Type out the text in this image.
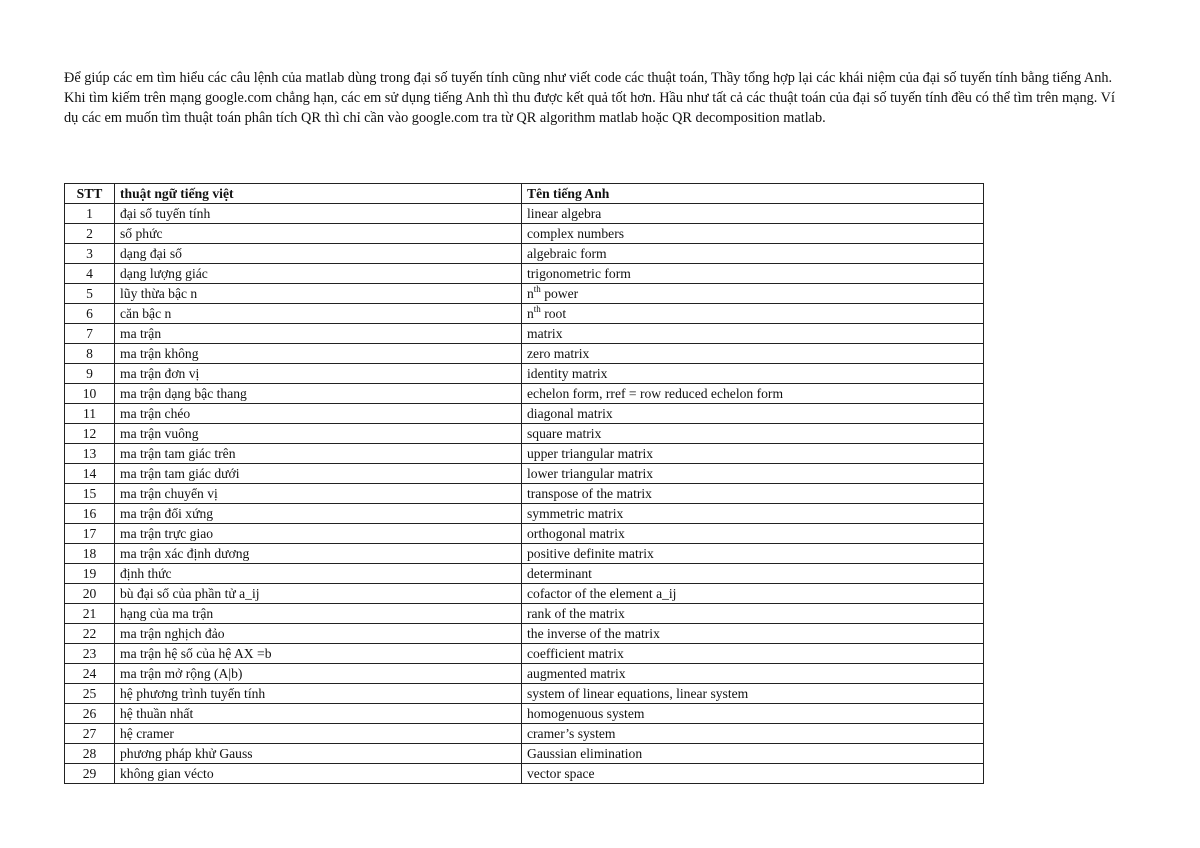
Để giúp các em tìm hiểu các câu lệnh của matlab dùng trong đại số tuyến tính cũng như viết code các thuật toán, Thầy tổng hợp lại các khái niệm của đại số tuyến tính bằng tiếng Anh.

Khi tìm kiếm trên mạng google.com chẳng hạn, các em sử dụng tiếng Anh thì thu được kết quả tốt hơn. Hầu như tất cả các thuật toán của đại số tuyến tính đều có thể tìm trên mạng. Ví dụ các em muốn tìm thuật toán phân tích QR thì chỉ cần vào google.com tra từ QR algorithm matlab hoặc QR decomposition matlab.

STT	thuật ngữ tiếng việt	Tên tiếng Anh
1	đại số tuyến tính	linear algebra
2	số phức	complex numbers
3	dạng đại số	algebraic form
4	dạng lượng giác	trigonometric form
5	lũy thừa bậc n	$n^{th}$ power
6	căn bậc n	$n^{th}$ root
7	ma trận	matrix
8	ma trận không	zero matrix
9	ma trận đơn vị	identity matrix
10	ma trận dạng bậc thang	echelon form, rref = row reduced echelon form
11	ma trận chéo	diagonal matrix
12	ma trận vuông	square matrix
13	ma trận tam giác trên	upper triangular matrix
14	ma trận tam giác dưới	lower triangular matrix
15	ma trận chuyển vị	transpose of the matrix
16	ma trận đối xứng	symmetric matrix
17	ma trận trực giao	orthogonal matrix
18	ma trận xác định dương	positive definite matrix
19	định thức	determinant
20	bù đại số của phần tử a_ij	cofactor of the element a_ij
21	hạng của ma trận	rank of the matrix
22	ma trận nghịch đảo	the inverse of the matrix
23	ma trận hệ số của hệ AX =b	coefficient matrix
24	ma trận mở rộng (A|b)	augmented matrix
25	hệ phương trình tuyến tính	system of linear equations, linear system
26	hệ thuần nhất	homogenuous system
27	hệ cramer	cramer’s system
28	phương pháp khử Gauss	Gaussian elimination
29	không gian vécto	vector space
